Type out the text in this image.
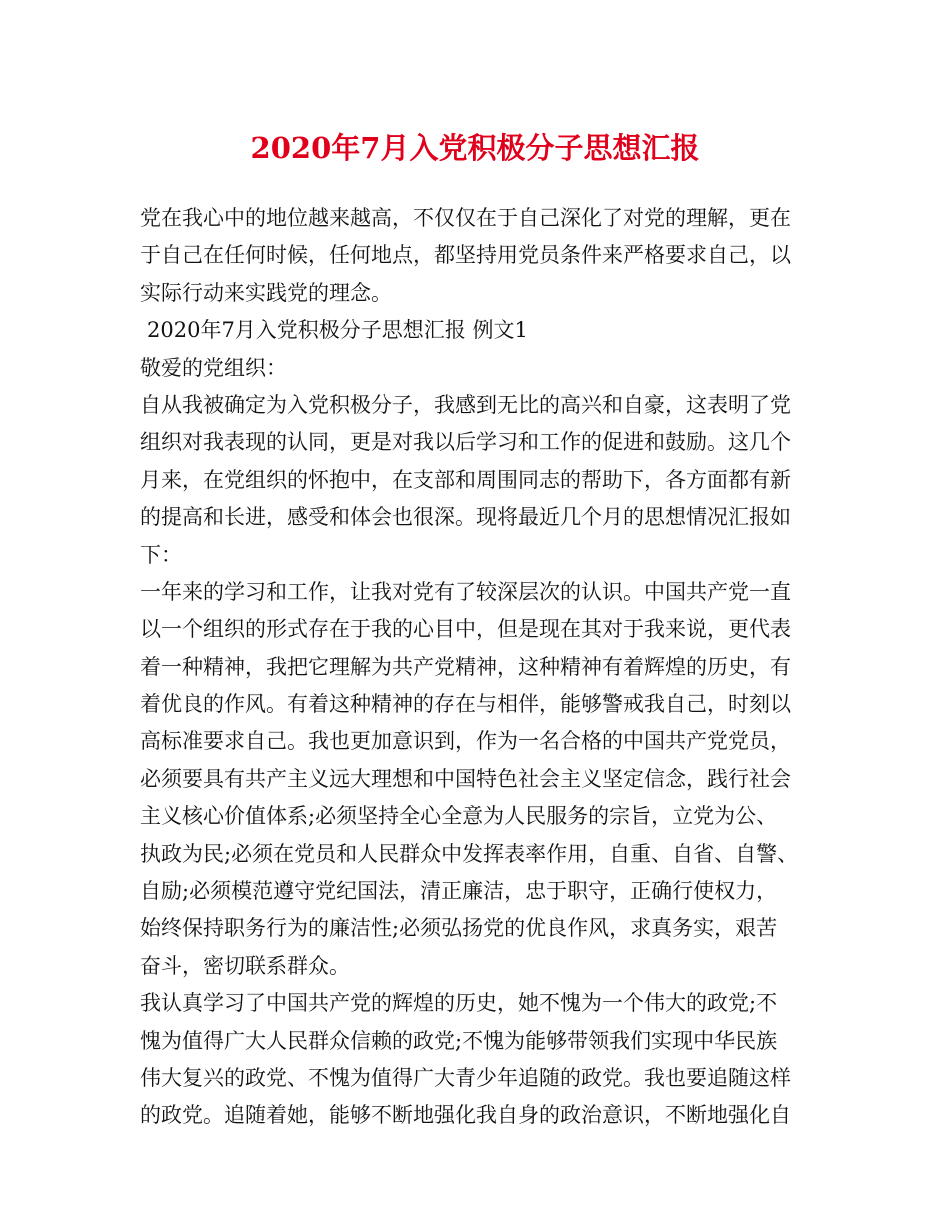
2020年7月入党积极分子思想汇报
党在我心中的地位越来越高，不仅仅在于自己深化了对党的理解，更在
于自己在任何时候，任何地点，都坚持用党员条件来严格要求自己，以
实际行动来实践党的理念。
2020年7月入党积极分子思想汇报 例文1
敬爱的党组织：
自从我被确定为入党积极分子，我感到无比的高兴和自豪，这表明了党
组织对我表现的认同，更是对我以后学习和工作的促进和鼓励。这几个
月来，在党组织的怀抱中，在支部和周围同志的帮助下，各方面都有新
的提高和长进，感受和体会也很深。现将最近几个月的思想情况汇报如
下：
一年来的学习和工作，让我对党有了较深层次的认识。中国共产党一直
以一个组织的形式存在于我的心目中，但是现在其对于我来说，更代表
着一种精神，我把它理解为共产党精神，这种精神有着辉煌的历史，有
着优良的作风。有着这种精神的存在与相伴，能够警戒我自己，时刻以
高标准要求自己。我也更加意识到，作为一名合格的中国共产党党员，
必须要具有共产主义远大理想和中国特色社会主义坚定信念，践行社会
主义核心价值体系;必须坚持全心全意为人民服务的宗旨，立党为公、
执政为民;必须在党员和人民群众中发挥表率作用，自重、自省、自警、
自励;必须模范遵守党纪国法，清正廉洁，忠于职守，正确行使权力，
始终保持职务行为的廉洁性;必须弘扬党的优良作风，求真务实，艰苦
奋斗，密切联系群众。
我认真学习了中国共产党的辉煌的历史，她不愧为一个伟大的政党;不
愧为值得广大人民群众信赖的政党;不愧为能够带领我们实现中华民族
伟大复兴的政党、不愧为值得广大青少年追随的政党。我也要追随这样
的政党。追随着她，能够不断地强化我自身的政治意识，不断地强化自
